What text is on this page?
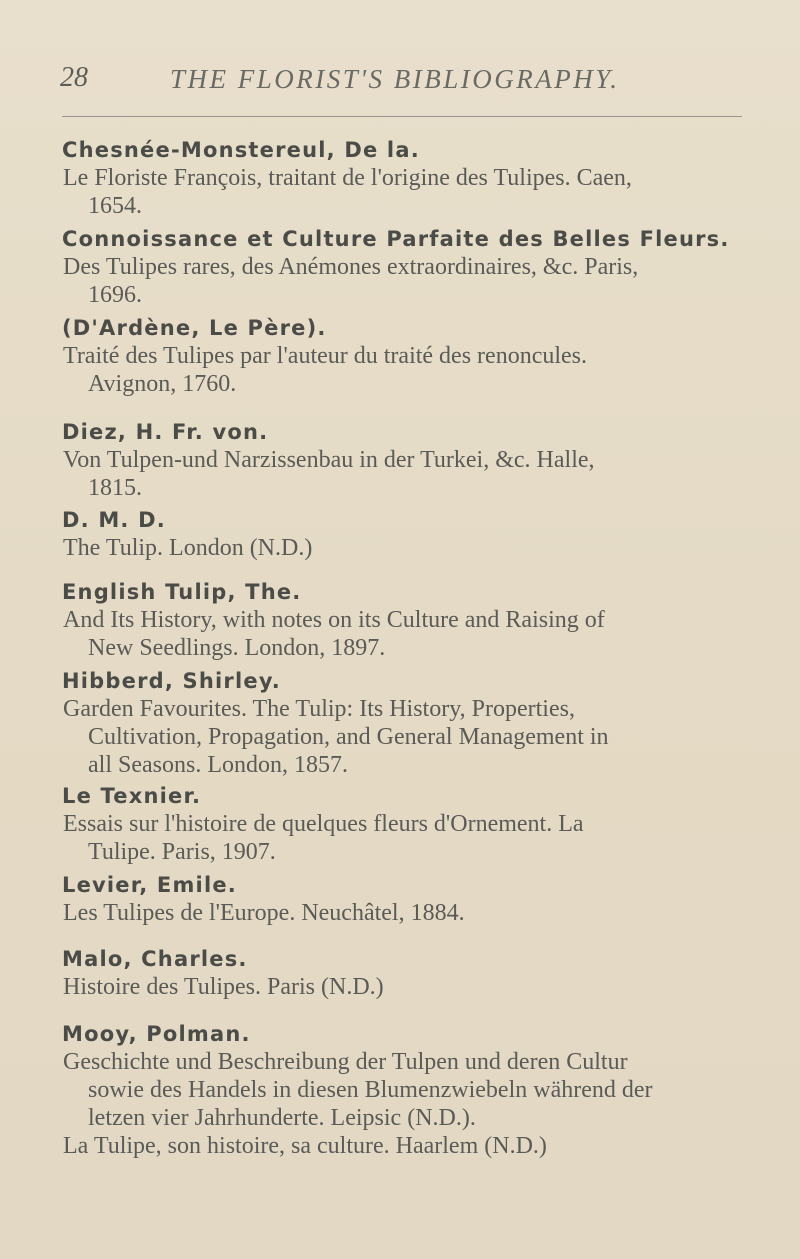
28	THE FLORIST'S BIBLIOGRAPHY.
Chesnée-Monstereul, De la.
Le Floriste François, traitant de l'origine des Tulipes. Caen,
1654.
Connoissance et Culture Parfaite des Belles Fleurs.
Des Tulipes rares, des Anémones extraordinaires, &c. Paris,
1696.
(D'Ardène, Le Père).
Traité des Tulipes par l'auteur du traité des renoncules.
Avignon, 1760.
Diez, H. Fr. von.
Von Tulpen-und Narzissenbau in der Turkei, &c. Halle,
1815.
D. M. D.
The Tulip. London (N.D.)
English Tulip, The.
And Its History, with notes on its Culture and Raising of
New Seedlings. London, 1897.
Hibberd, Shirley.
Garden Favourites. The Tulip: Its History, Properties,
Cultivation, Propagation, and General Management in
all Seasons. London, 1857.
Le Texnier.
Essais sur l'histoire de quelques fleurs d'Ornement. La
Tulipe. Paris, 1907.
Levier, Emile.
Les Tulipes de l'Europe. Neuchâtel, 1884.
Malo, Charles.
Histoire des Tulipes. Paris (N.D.)
Mooy, Polman.
Geschichte und Beschreibung der Tulpen und deren Cultur
sowie des Handels in diesen Blumenzwiebeln während der
letzen vier Jahrhunderte. Leipsic (N.D.).
La Tulipe, son histoire, sa culture. Haarlem (N.D.)
